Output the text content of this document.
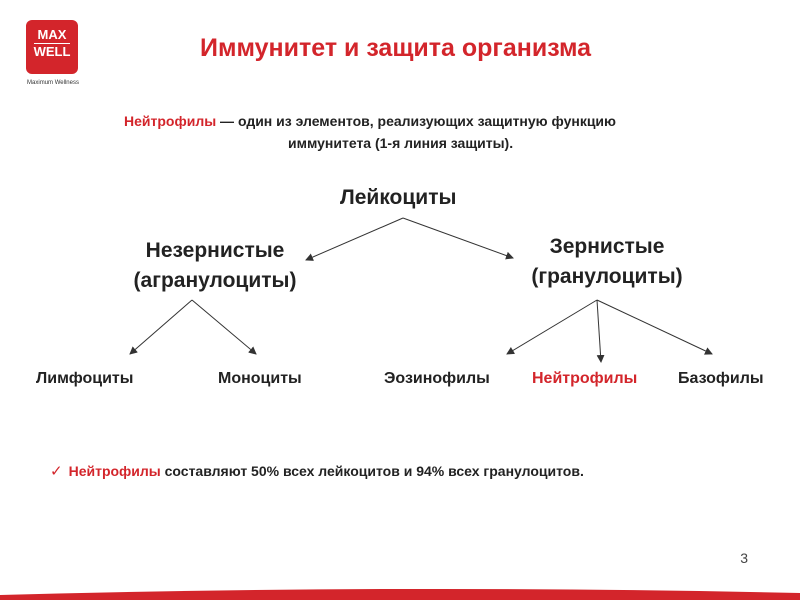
MAX
WELL
Maximum Wellness
Иммунитет и защита организма
Нейтрофилы — один из элементов, реализующих защитную функцию
иммунитета (1-я линия защиты).
Лейкоциты
Незернистые
(агранулоциты)
Зернистые
(гранулоциты)
Лимфоциты	Моноциты	Эозинофилы	Нейтрофилы	Базофилы
✓ Нейтрофилы составляют 50% всех лейкоцитов и 94% всех гранулоцитов.
3
